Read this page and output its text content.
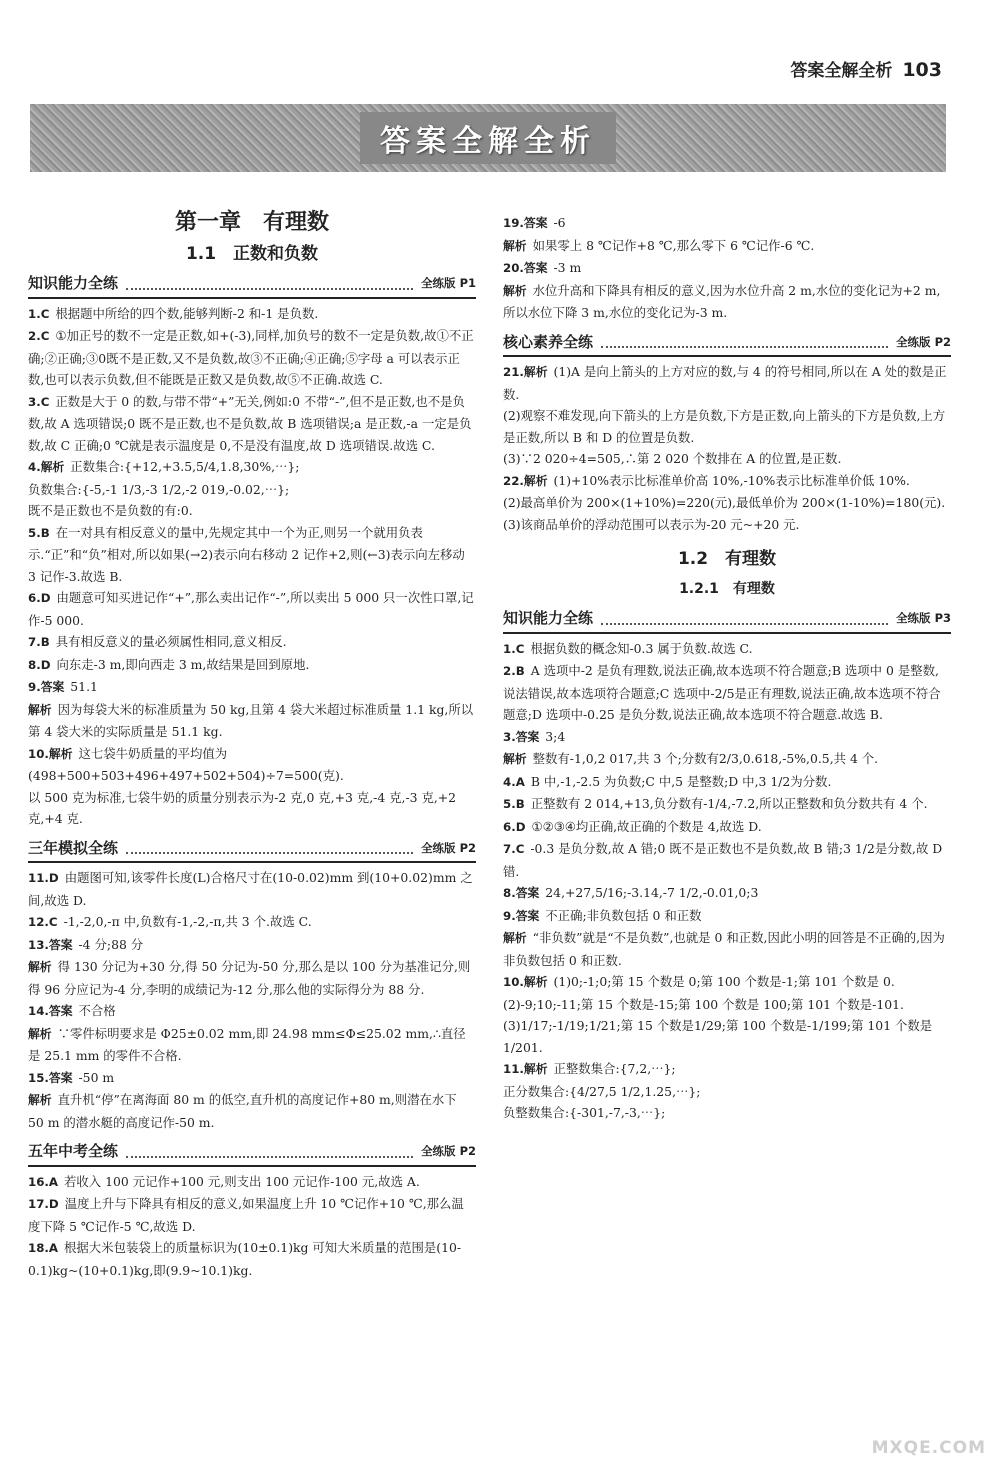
答案全解全析 103
答案全解全析
第一章　有理数
1.1　正数和负数
知识能力全练	全练版 P1

1.C 根据题中所给的四个数,能够判断-2 和-1 是负数.

2.C ①加正号的数不一定是正数,如+(-3),同样,加负号的数不一定是负数,故①不正确;②正确;③0既不是正数,又不是负数,故③不正确;④正确;⑤字母 a 可以表示正数,也可以表示负数,但不能既是正数又是负数,故⑤不正确.故选 C.

3.C 正数是大于 0 的数,与带不带“+”无关,例如:0 不带“-”,但不是正数,也不是负数,故 A 选项错误;0 既不是正数,也不是负数,故 B 选项错误;a 是正数,-a 一定是负数,故 C 正确;0 ℃就是表示温度是 0,不是没有温度,故 D 选项错误.故选 C.

4.解析 正数集合:{+12,+3.5,5/4,1.8,30%,⋯};

负数集合:{-5,-1 1/3,-3 1/2,-2 019,-0.02,⋯};

既不是正数也不是负数的有:0.

5.B 在一对具有相反意义的量中,先规定其中一个为正,则另一个就用负表示.“正”和“负”相对,所以如果(→2)表示向右移动 2 记作+2,则(←3)表示向左移动 3 记作-3.故选 B.

6.D 由题意可知买进记作“+”,那么卖出记作“-”,所以卖出 5 000 只一次性口罩,记作-5 000.

7.B 具有相反意义的量必须属性相同,意义相反.

8.D 向东走-3 m,即向西走 3 m,故结果是回到原地.

9.答案 51.1

解析 因为每袋大米的标准质量为 50 kg,且第 4 袋大米超过标准质量 1.1 kg,所以第 4 袋大米的实际质量是 51.1 kg.

10.解析 这七袋牛奶质量的平均值为(498+500+503+496+497+502+504)÷7=500(克).

以 500 克为标准,七袋牛奶的质量分别表示为-2 克,0 克,+3 克,-4 克,-3 克,+2 克,+4 克.

三年模拟全练	全练版 P2

11.D 由题图可知,该零件长度(L)合格尺寸在(10-0.02)mm 到(10+0.02)mm 之间,故选 D.

12.C -1,-2,0,-π 中,负数有-1,-2,-π,共 3 个.故选 C.

13.答案 -4 分;88 分

解析 得 130 分记为+30 分,得 50 分记为-50 分,那么是以 100 分为基准记分,则得 96 分应记为-4 分,李明的成绩记为-12 分,那么他的实际得分为 88 分.

14.答案 不合格

解析 ∵零件标明要求是 Φ25±0.02 mm,即 24.98 mm≤Φ≤25.02 mm,∴直径是 25.1 mm 的零件不合格.

15.答案 -50 m

解析 直升机“停”在离海面 80 m 的低空,直升机的高度记作+80 m,则潜在水下 50 m 的潜水艇的高度记作-50 m.

五年中考全练	全练版 P2

16.A 若收入 100 元记作+100 元,则支出 100 元记作-100 元,故选 A.

17.D 温度上升与下降具有相反的意义,如果温度上升 10 ℃记作+10 ℃,那么温度下降 5 ℃记作-5 ℃,故选 D.

18.A 根据大米包装袋上的质量标识为(10±0.1)kg 可知大米质量的范围是(10-0.1)kg~(10+0.1)kg,即(9.9~10.1)kg.

19.答案 -6

解析 如果零上 8 ℃记作+8 ℃,那么零下 6 ℃记作-6 ℃.

20.答案 -3 m

解析 水位升高和下降具有相反的意义,因为水位升高 2 m,水位的变化记为+2 m,所以水位下降 3 m,水位的变化记为-3 m.

核心素养全练	全练版 P2

21.解析 (1)A 是向上箭头的上方对应的数,与 4 的符号相同,所以在 A 处的数是正数.

(2)观察不难发现,向下箭头的上方是负数,下方是正数,向上箭头的下方是负数,上方是正数,所以 B 和 D 的位置是负数.

(3)∵2 020÷4=505,∴第 2 020 个数排在 A 的位置,是正数.

22.解析 (1)+10%表示比标准单价高 10%,-10%表示比标准单价低 10%.

(2)最高单价为 200×(1+10%)=220(元),最低单价为 200×(1-10%)=180(元).

(3)该商品单价的浮动范围可以表示为-20 元~+20 元.

1.2　有理数
1.2.1　有理数
知识能力全练	全练版 P3

1.C 根据负数的概念知-0.3 属于负数.故选 C.

2.B A 选项中-2 是负有理数,说法正确,故本选项不符合题意;B 选项中 0 是整数,说法错误,故本选项符合题意;C 选项中-2/5是正有理数,说法正确,故本选项不符合题意;D 选项中-0.25 是负分数,说法正确,故本选项不符合题意.故选 B.

3.答案 3;4

解析 整数有-1,0,2 017,共 3 个;分数有2/3,0.618,-5%,0.5,共 4 个.

4.A B 中,-1,-2.5 为负数;C 中,5 是整数;D 中,3 1/2为分数.

5.B 正整数有 2 014,+13,负分数有-1/4,-7.2,所以正整数和负分数共有 4 个.

6.D ①②③④均正确,故正确的个数是 4,故选 D.

7.C -0.3 是负分数,故 A 错;0 既不是正数也不是负数,故 B 错;3 1/2是分数,故 D 错.

8.答案 24,+27,5/16;-3.14,-7 1/2,-0.01,0;3

9.答案 不正确;非负数包括 0 和正数

解析 “非负数”就是“不是负数”,也就是 0 和正数,因此小明的回答是不正确的,因为非负数包括 0 和正数.

10.解析 (1)0;-1;0;第 15 个数是 0;第 100 个数是-1;第 101 个数是 0.

(2)-9;10;-11;第 15 个数是-15;第 100 个数是 100;第 101 个数是-101.

(3)1/17;-1/19;1/21;第 15 个数是1/29;第 100 个数是-1/199;第 101 个数是1/201.

11.解析 正整数集合:{7,2,⋯};

正分数集合:{4/27,5 1/2,1.25,⋯};

负整数集合:{-301,-7,-3,⋯};

MXQE.COM
